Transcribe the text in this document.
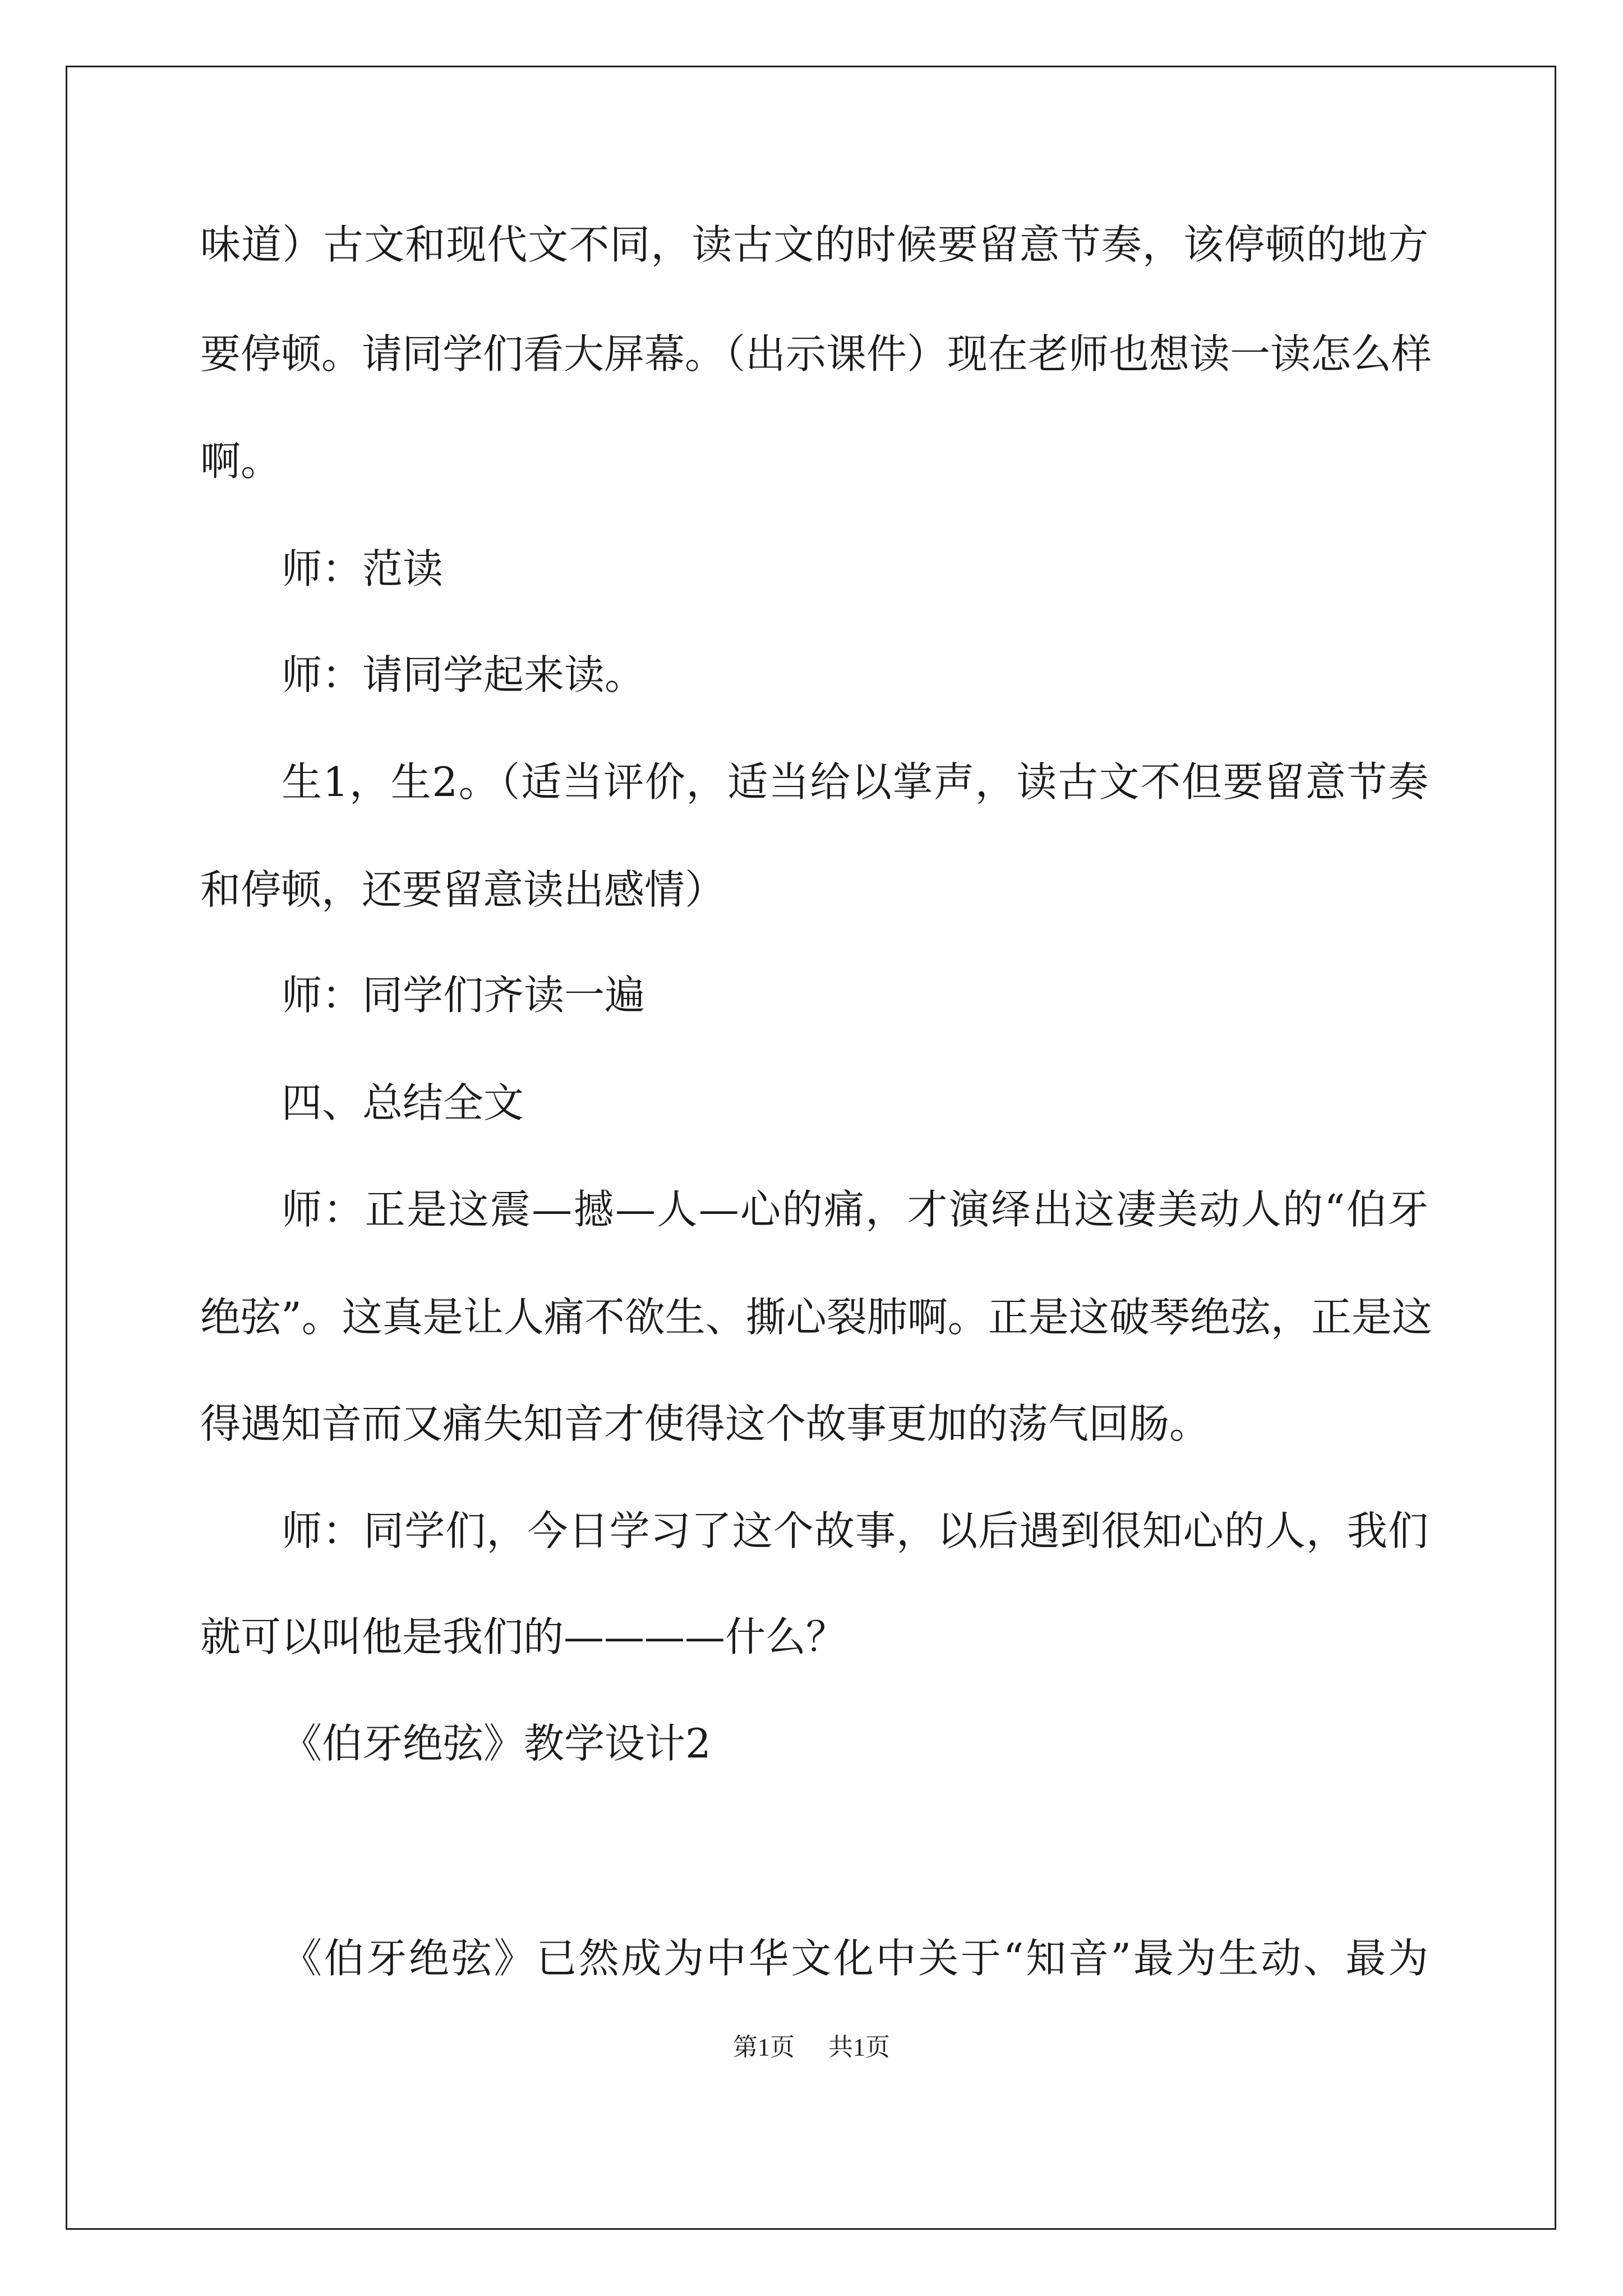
味道）古文和现代文不同，读古文的时候要留意节奏，该停顿的地方
要停顿。请同学们看大屏幕。（出示课件）现在老师也想读一读怎么样
啊。
师：范读
师：请同学起来读。
生1，生2。（适当评价，适当给以掌声，读古文不但要留意节奏
和停顿，还要留意读出感情）
师：同学们齐读一遍
四、总结全文
师：正是这震—撼—人—心的痛，才演绎出这凄美动人的“伯牙
绝弦”。这真是让人痛不欲生、撕心裂肺啊。正是这破琴绝弦，正是这
得遇知音而又痛失知音才使得这个故事更加的荡气回肠。
师：同学们，今日学习了这个故事，以后遇到很知心的人，我们
就可以叫他是我们的————什么？
《伯牙绝弦》教学设计2
《伯牙绝弦》已然成为中华文化中关于“知音”最为生动、最为
第1页 共1页
